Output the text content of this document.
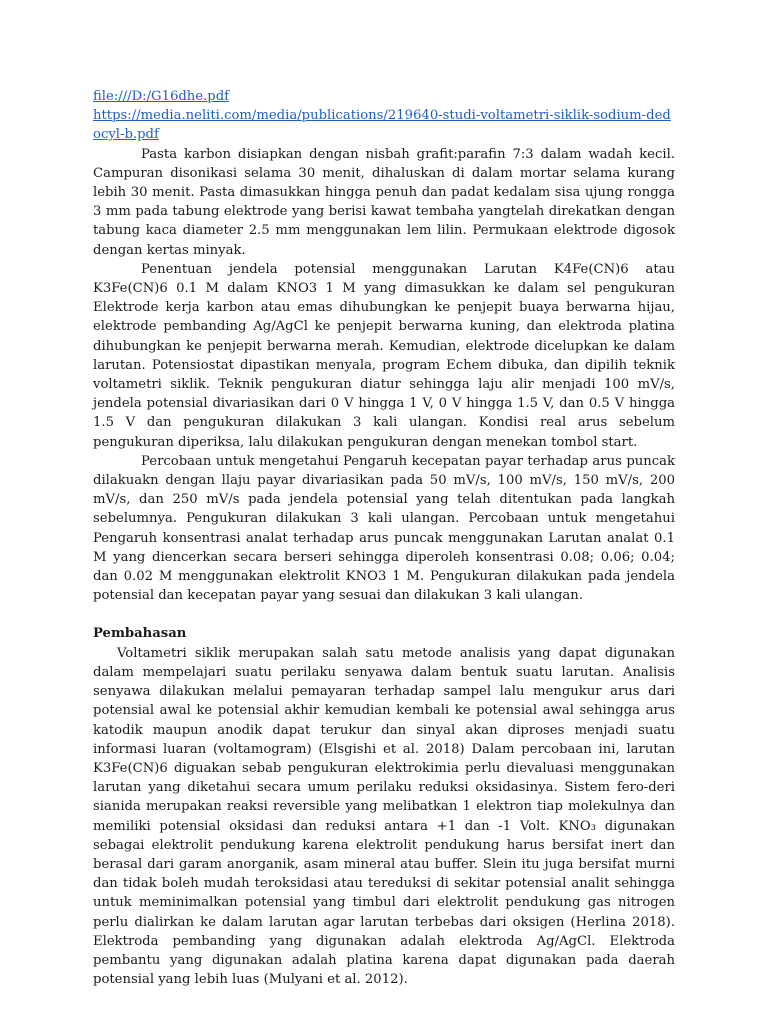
file:///D:/G16dhe.pdf
https://media.neliti.com/media/publications/219640-studi-voltametri-siklik-sodium-dedocyl-b.pdf

Pasta karbon disiapkan dengan nisbah grafit:parafin 7:3 dalam wadah kecil. Campuran disonikasi selama 30 menit, dihaluskan di dalam mortar selama kurang lebih 30 menit. Pasta dimasukkan hingga penuh dan padat kedalam sisa ujung rongga 3 mm pada tabung elektrode yang berisi kawat tembaha yangtelah direkatkan dengan tabung kaca diameter 2.5 mm menggunakan lem lilin. Permukaan elektrode digosok dengan kertas minyak.

Penentuan jendela potensial menggunakan Larutan K4Fe(CN)6 atau K3Fe(CN)6 0.1 M dalam KNO3 1 M yang dimasukkan ke dalam sel pengukuran Elektrode kerja karbon atau emas dihubungkan ke penjepit buaya berwarna hijau, elektrode pembanding Ag/AgCl ke penjepit berwarna kuning, dan elektroda platina dihubungkan ke penjepit berwarna merah. Kemudian, elektrode dicelupkan ke dalam larutan. Potensiostat dipastikan menyala, program Echem dibuka, dan dipilih teknik voltametri siklik. Teknik pengukuran diatur sehingga laju alir menjadi 100 mV/s, jendela potensial divariasikan dari 0 V hingga 1 V, 0 V hingga 1.5 V, dan 0.5 V hingga 1.5 V dan pengukuran dilakukan 3 kali ulangan. Kondisi real arus sebelum pengukuran diperiksa, lalu dilakukan pengukuran dengan menekan tombol start.

Percobaan untuk mengetahui Pengaruh kecepatan payar terhadap arus puncak dilakuakn dengan llaju payar divariasikan pada 50 mV/s, 100 mV/s, 150 mV/s, 200 mV/s, dan 250 mV/s pada jendela potensial yang telah ditentukan pada langkah sebelumnya. Pengukuran dilakukan 3 kali ulangan. Percobaan untuk mengetahui Pengaruh konsentrasi analat terhadap arus puncak menggunakan Larutan analat 0.1 M yang diencerkan secara berseri sehingga diperoleh konsentrasi 0.08; 0.06; 0.04; dan 0.02 M menggunakan elektrolit KNO3 1 M. Pengukuran dilakukan pada jendela potensial dan kecepatan payar yang sesuai dan dilakukan 3 kali ulangan.

Pembahasan

Voltametri siklik merupakan salah satu metode analisis yang dapat digunakan dalam mempelajari suatu perilaku senyawa dalam bentuk suatu larutan. Analisis senyawa dilakukan melalui pemayaran terhadap sampel lalu mengukur arus dari potensial awal ke potensial akhir kemudian kembali ke potensial awal sehingga arus katodik maupun anodik dapat terukur dan sinyal akan diproses menjadi suatu informasi luaran (voltamogram) (Elsgishi et al. 2018) Dalam percobaan ini, larutan K3Fe(CN)6 diguakan sebab pengukuran elektrokimia perlu dievaluasi menggunakan larutan yang diketahui secara umum perilaku reduksi oksidasinya. Sistem fero-deri sianida merupakan reaksi reversible yang melibatkan 1 elektron tiap molekulnya dan memiliki potensial oksidasi dan reduksi antara +1 dan -1 Volt. KNO₃ digunakan sebagai elektrolit pendukung karena elektrolit pendukung harus bersifat inert dan berasal dari garam anorganik, asam mineral atau buffer. Slein itu juga bersifat murni dan tidak boleh mudah teroksidasi atau tereduksi di sekitar potensial analit sehingga untuk meminimalkan potensial yang timbul dari elektrolit pendukung gas nitrogen perlu dialirkan ke dalam larutan agar larutan terbebas dari oksigen (Herlina 2018). Elektroda pembanding yang digunakan adalah elektroda Ag/AgCl. Elektroda pembantu yang digunakan adalah platina karena dapat digunakan pada daerah potensial yang lebih luas (Mulyani et al. 2012).
